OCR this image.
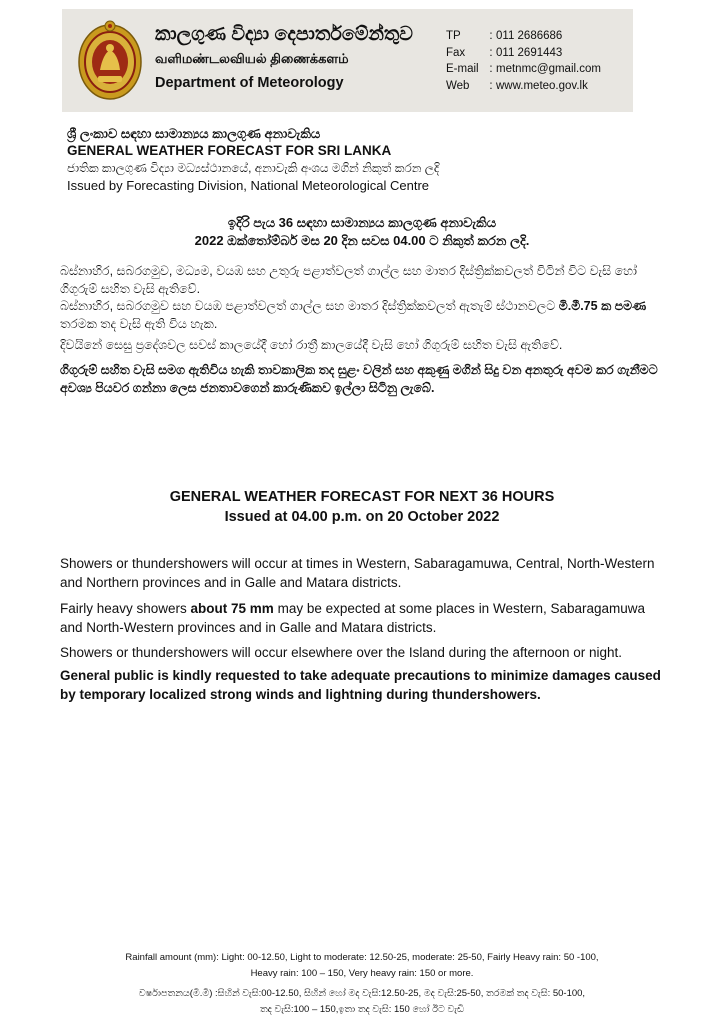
කාලගුණ විද්‍යා දෙපාර්තමේන්තුව
வளிமண்டலவியல் திணைக்களம்
Department of Meteorology
TP : 011 2686686
Fax : 011 2691443
E-mail : metnmc@gmail.com
Web : www.meteo.gov.lk
ශ්‍රී ලංකාව සඳහා සාමාන්‍යය කාලගුණ අනාවැකිය
GENERAL WEATHER FORECAST FOR SRI LANKA
ජාතික කාලගුණ විද්‍යා මධ්‍යස්ථානයේ, අනාවැකි අංශය මගින් නිකුත් කරන ලදි
Issued by Forecasting Division, National Meteorological Centre
ඉදිරි පැය 36 සඳහා සාමාන්‍යය කාලගුණ අනාවැකිය
2022 ඔක්තෝම්බර් මස 20 දින සවස 04.00 ට නිකුත් කරන ලදි.
බස්නාහිර, සබරගමුව, මධ්‍යම, වයඹ සහ උතුරු පළාත්වලත් ගාල්ල සහ මාතර දිස්ත්‍රික්කවලත් විටින් විට වැසි හෝ ගිගුරුම් සහිත වැසි ඇතිවේ.
බස්නාහිර, සබරගමුව සහ වයඹ පළාත්වලත් ගාල්ල සහ මාතර දිස්ත්‍රික්කවලත් ඇතැම් ස්ථානවලට මි.මී.75 ක පමණ තරමක තද වැසි ඇති විය හැක.
දිවයිනේ සෙසු ප්‍රදේශවල සවස් කාලයේදී හෝ රාත්‍රී කාලයේදී වැසි හෝ ගිගුරුම් සහිත වැසි ඇතිවේ.
ගිගුරුම් සහිත වැසි සමග ඇතිවිය හැකි තාවකාලික තද සුළං වලින් සහ අකුණු මගින් සිදු වන අනතුරු අවම කර ගැනීමට අවශ්‍ය පියවර ගන්නා ලෙස ජනතාවගෙන් කාරුණිකව ඉල්ලා සිටිනු ලැබේ.
GENERAL WEATHER FORECAST FOR NEXT 36 HOURS
Issued at 04.00 p.m. on 20 October 2022
Showers or thundershowers will occur at times in Western, Sabaragamuwa, Central, North-Western and Northern provinces and in Galle and Matara districts.
Fairly heavy showers about 75 mm may be expected at some places in Western, Sabaragamuwa and North-Western provinces and in Galle and Matara districts.
Showers or thundershowers will occur elsewhere over the Island during the afternoon or night.
General public is kindly requested to take adequate precautions to minimize damages caused by temporary localized strong winds and lightning during thundershowers.
Rainfall amount (mm): Light: 00-12.50, Light to moderate: 12.50-25, moderate: 25-50, Fairly Heavy rain: 50 -100,
Heavy rain: 100 – 150, Very heavy rain: 150 or more.
වර්ෂාපතනය(මි.මී) :සිහින් වැසි:00-12.50, සිහින් හෝ මද වැසි:12.50-25, මද වැසි:25-50, තරමක් තද වැසි: 50-100,
තද වැසි:100 – 150,ඉතා තද වැසි: 150 හෝ ඊට වැඩි
